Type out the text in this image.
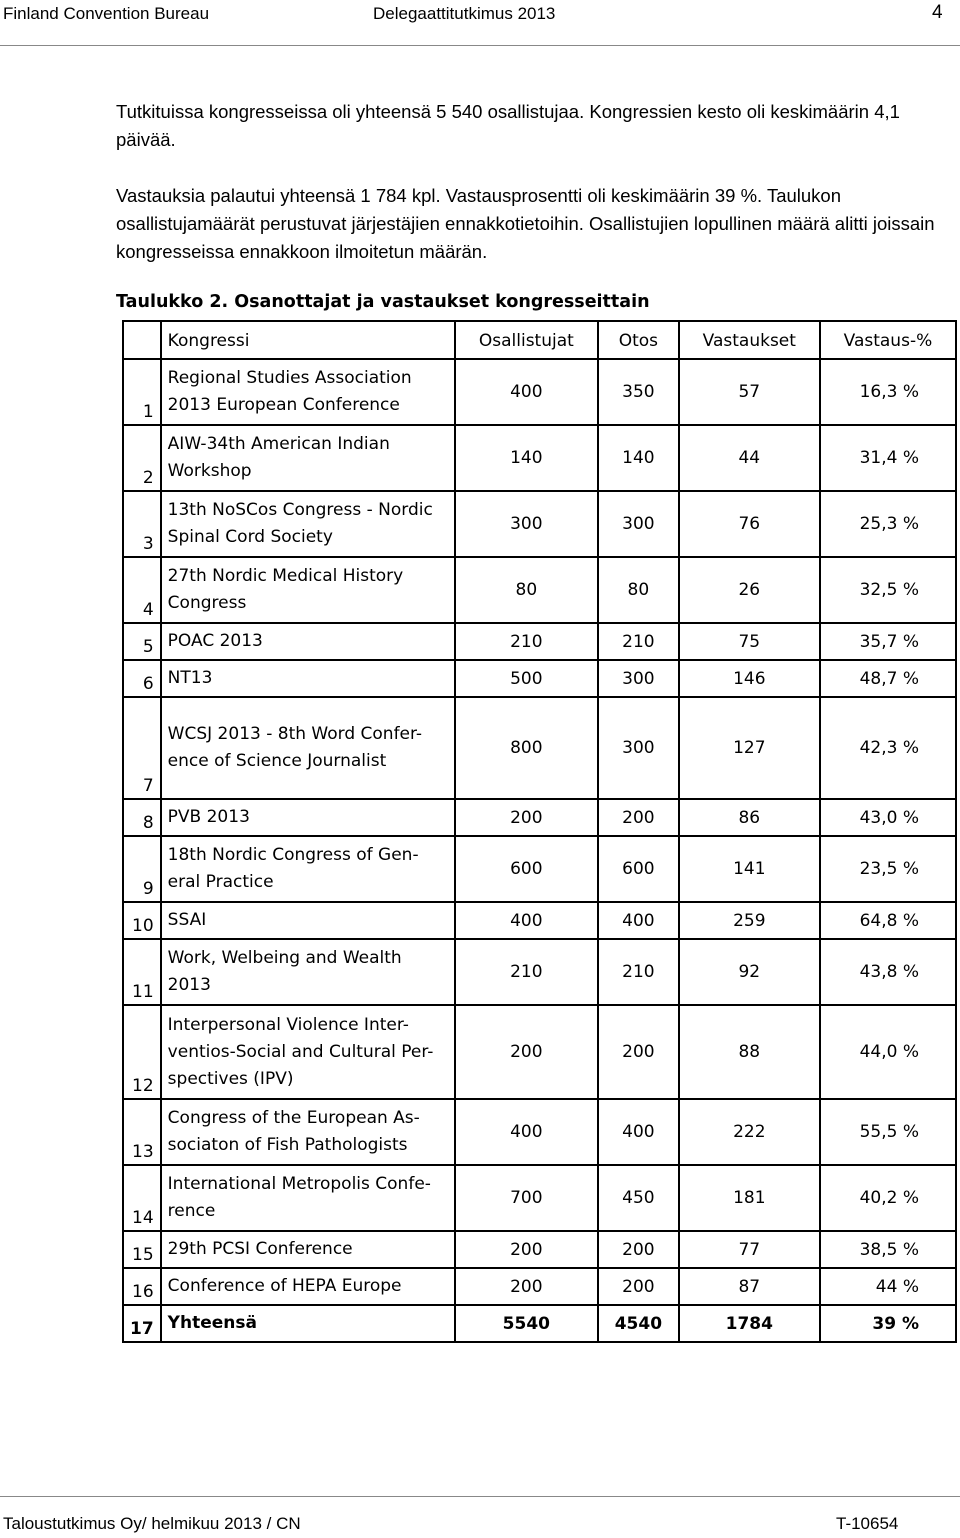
Finland Convention Bureau	Delegaattitutkimus 2013	4

Tutkituissa kongresseissa oli yhteensä 5 540 osallistujaa. Kongressien kesto oli keskimäärin 4,1 päivää.

Vastauksia palautui yhteensä 1 784 kpl. Vastausprosentti oli keskimäärin 39 %. Taulukon osallistujamäärät perustuvat järjestäjien ennakkotietoihin. Osallistujien lopullinen määrä alitti joissain kongresseissa ennakkoon ilmoitetun määrän.

Taulukko 2. Osanottajat ja vastaukset kongresseittain

	Kongressi	Osallistujat	Otos	Vastaukset	Vastaus-%
1	Regional Studies Association 2013 European Conference	400	350	57	16,3 %
2	AIW-34th American Indian Workshop	140	140	44	31,4 %
3	13th NoSCos Congress - Nordic Spinal Cord Society	300	300	76	25,3 %
4	27th Nordic Medical History Congress	80	80	26	32,5 %
5	POAC 2013	210	210	75	35,7 %
6	NT13	500	300	146	48,7 %
7	WCSJ 2013 - 8th Word Confer-ence of Science Journalist	800	300	127	42,3 %
8	PVB 2013	200	200	86	43,0 %
9	18th Nordic Congress of Gen-eral Practice	600	600	141	23,5 %
10	SSAI	400	400	259	64,8 %
11	Work, Welbeing and Wealth 2013	210	210	92	43,8 %
12	Interpersonal Violence Inter-ventios-Social and Cultural Per-spectives (IPV)	200	200	88	44,0 %
13	Congress of the European As-sociaton of Fish Pathologists	400	400	222	55,5 %
14	International Metropolis Confe-rence	700	450	181	40,2 %
15	29th PCSI Conference	200	200	77	38,5 %
16	Conference of HEPA Europe	200	200	87	44 %
17	Yhteensä	5540	4540	1784	39 %
Taloustutkimus Oy/ helmikuu 2013 / CN	T-10654
